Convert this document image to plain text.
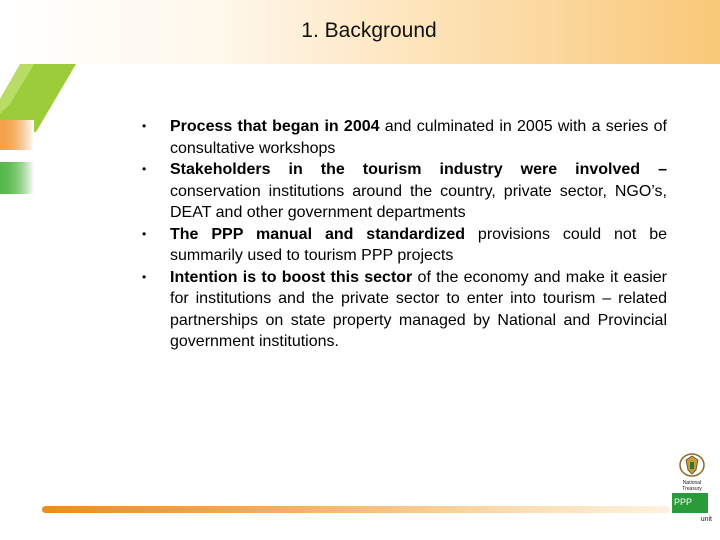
1. Background
•	Process that began in 2004 and culminated in 2005 with a series of consultative workshops
•	Stakeholders in the tourism industry were involved – conservation institutions around the country, private sector, NGO’s, DEAT and other government departments
•	The PPP manual and standardized provisions could not be summarily used to tourism PPP projects
•	Intention is to boost this sector of the economy and make it easier for institutions and the private sector to enter into tourism – related partnerships on state property managed by National and Provincial government institutions.
National
Treasury
PPP
unit
